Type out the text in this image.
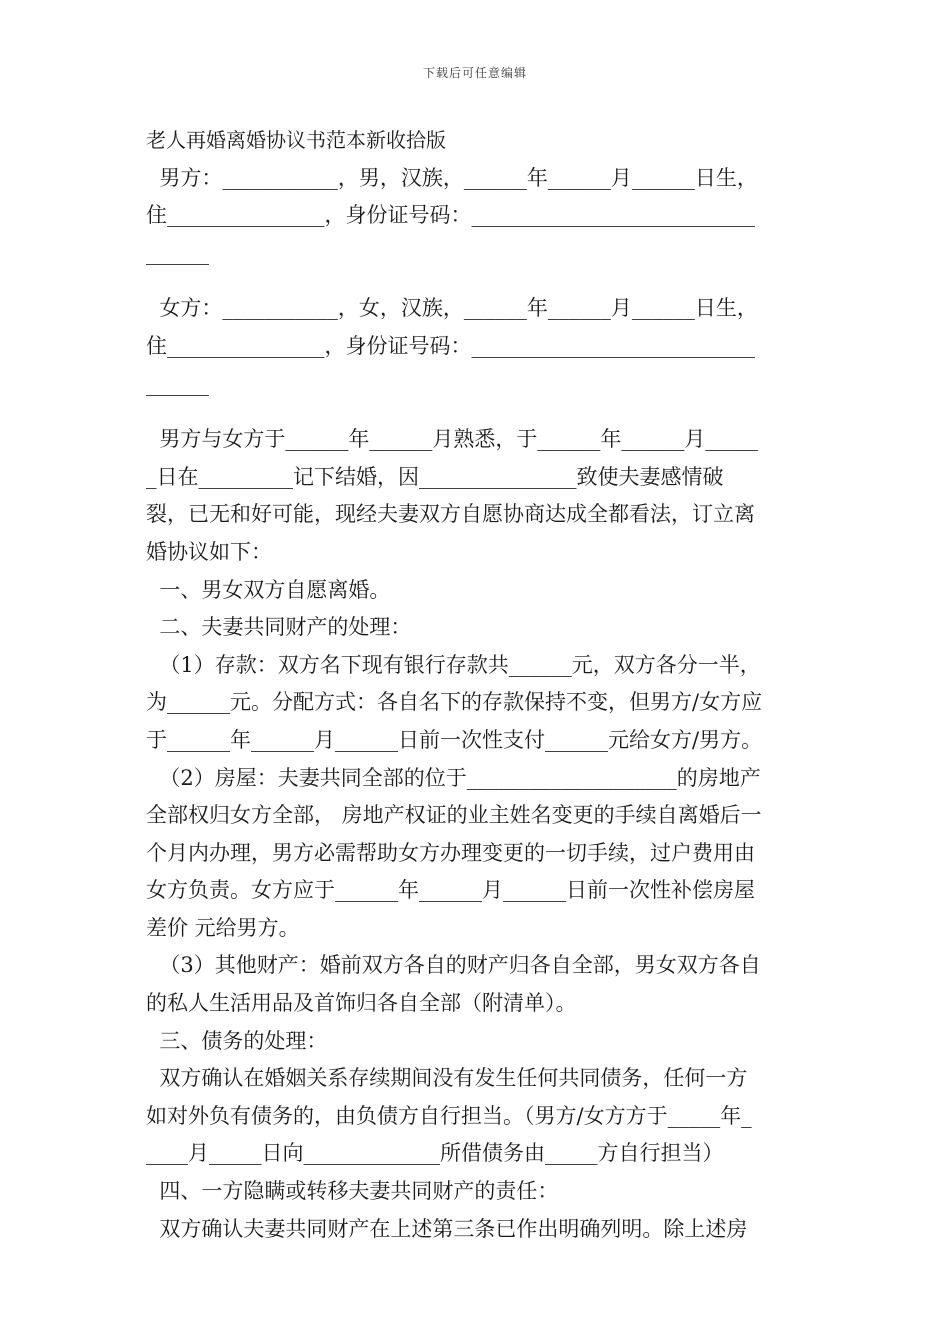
下载后可任意编辑
老人再婚离婚协议书范本新收拾版
男方：___________，男，汉族，______年______月______日生，
住_______________，身份证号码：___________________________
______
女方：___________，女，汉族，______年______月______日生，
住_______________，身份证号码：___________________________
______
男方与女方于______年______月熟悉，于______年______月_____
_日在_________记下结婚，因_______________致使夫妻感情破
裂，已无和好可能，现经夫妻双方自愿协商达成全都看法，订立离
婚协议如下：
一、男女双方自愿离婚。
二、夫妻共同财产的处理：
（1）存款：双方名下现有银行存款共______元，双方各分一半，
为______元。分配方式：各自名下的存款保持不变，但男方/女方应
于______年______月______日前一次性支付______元给女方/男方。
（2）房屋：夫妻共同全部的位于____________________的房地产
全部权归女方全部， 房地产权证的业主姓名变更的手续自离婚后一
个月内办理，男方必需帮助女方办理变更的一切手续，过户费用由
女方负责。女方应于______年______月______日前一次性补偿房屋
差价 元给男方。
（3）其他财产：婚前双方各自的财产归各自全部，男女双方各自
的私人生活用品及首饰归各自全部（附清单）。
三、债务的处理：
双方确认在婚姻关系存续期间没有发生任何共同债务，任何一方
如对外负有债务的，由负债方自行担当。（男方/女方方于_____年_
____月_____日向_____________所借债务由_____方自行担当）
四、一方隐瞒或转移夫妻共同财产的责任：
双方确认夫妻共同财产在上述第三条已作出明确列明。除上述房
